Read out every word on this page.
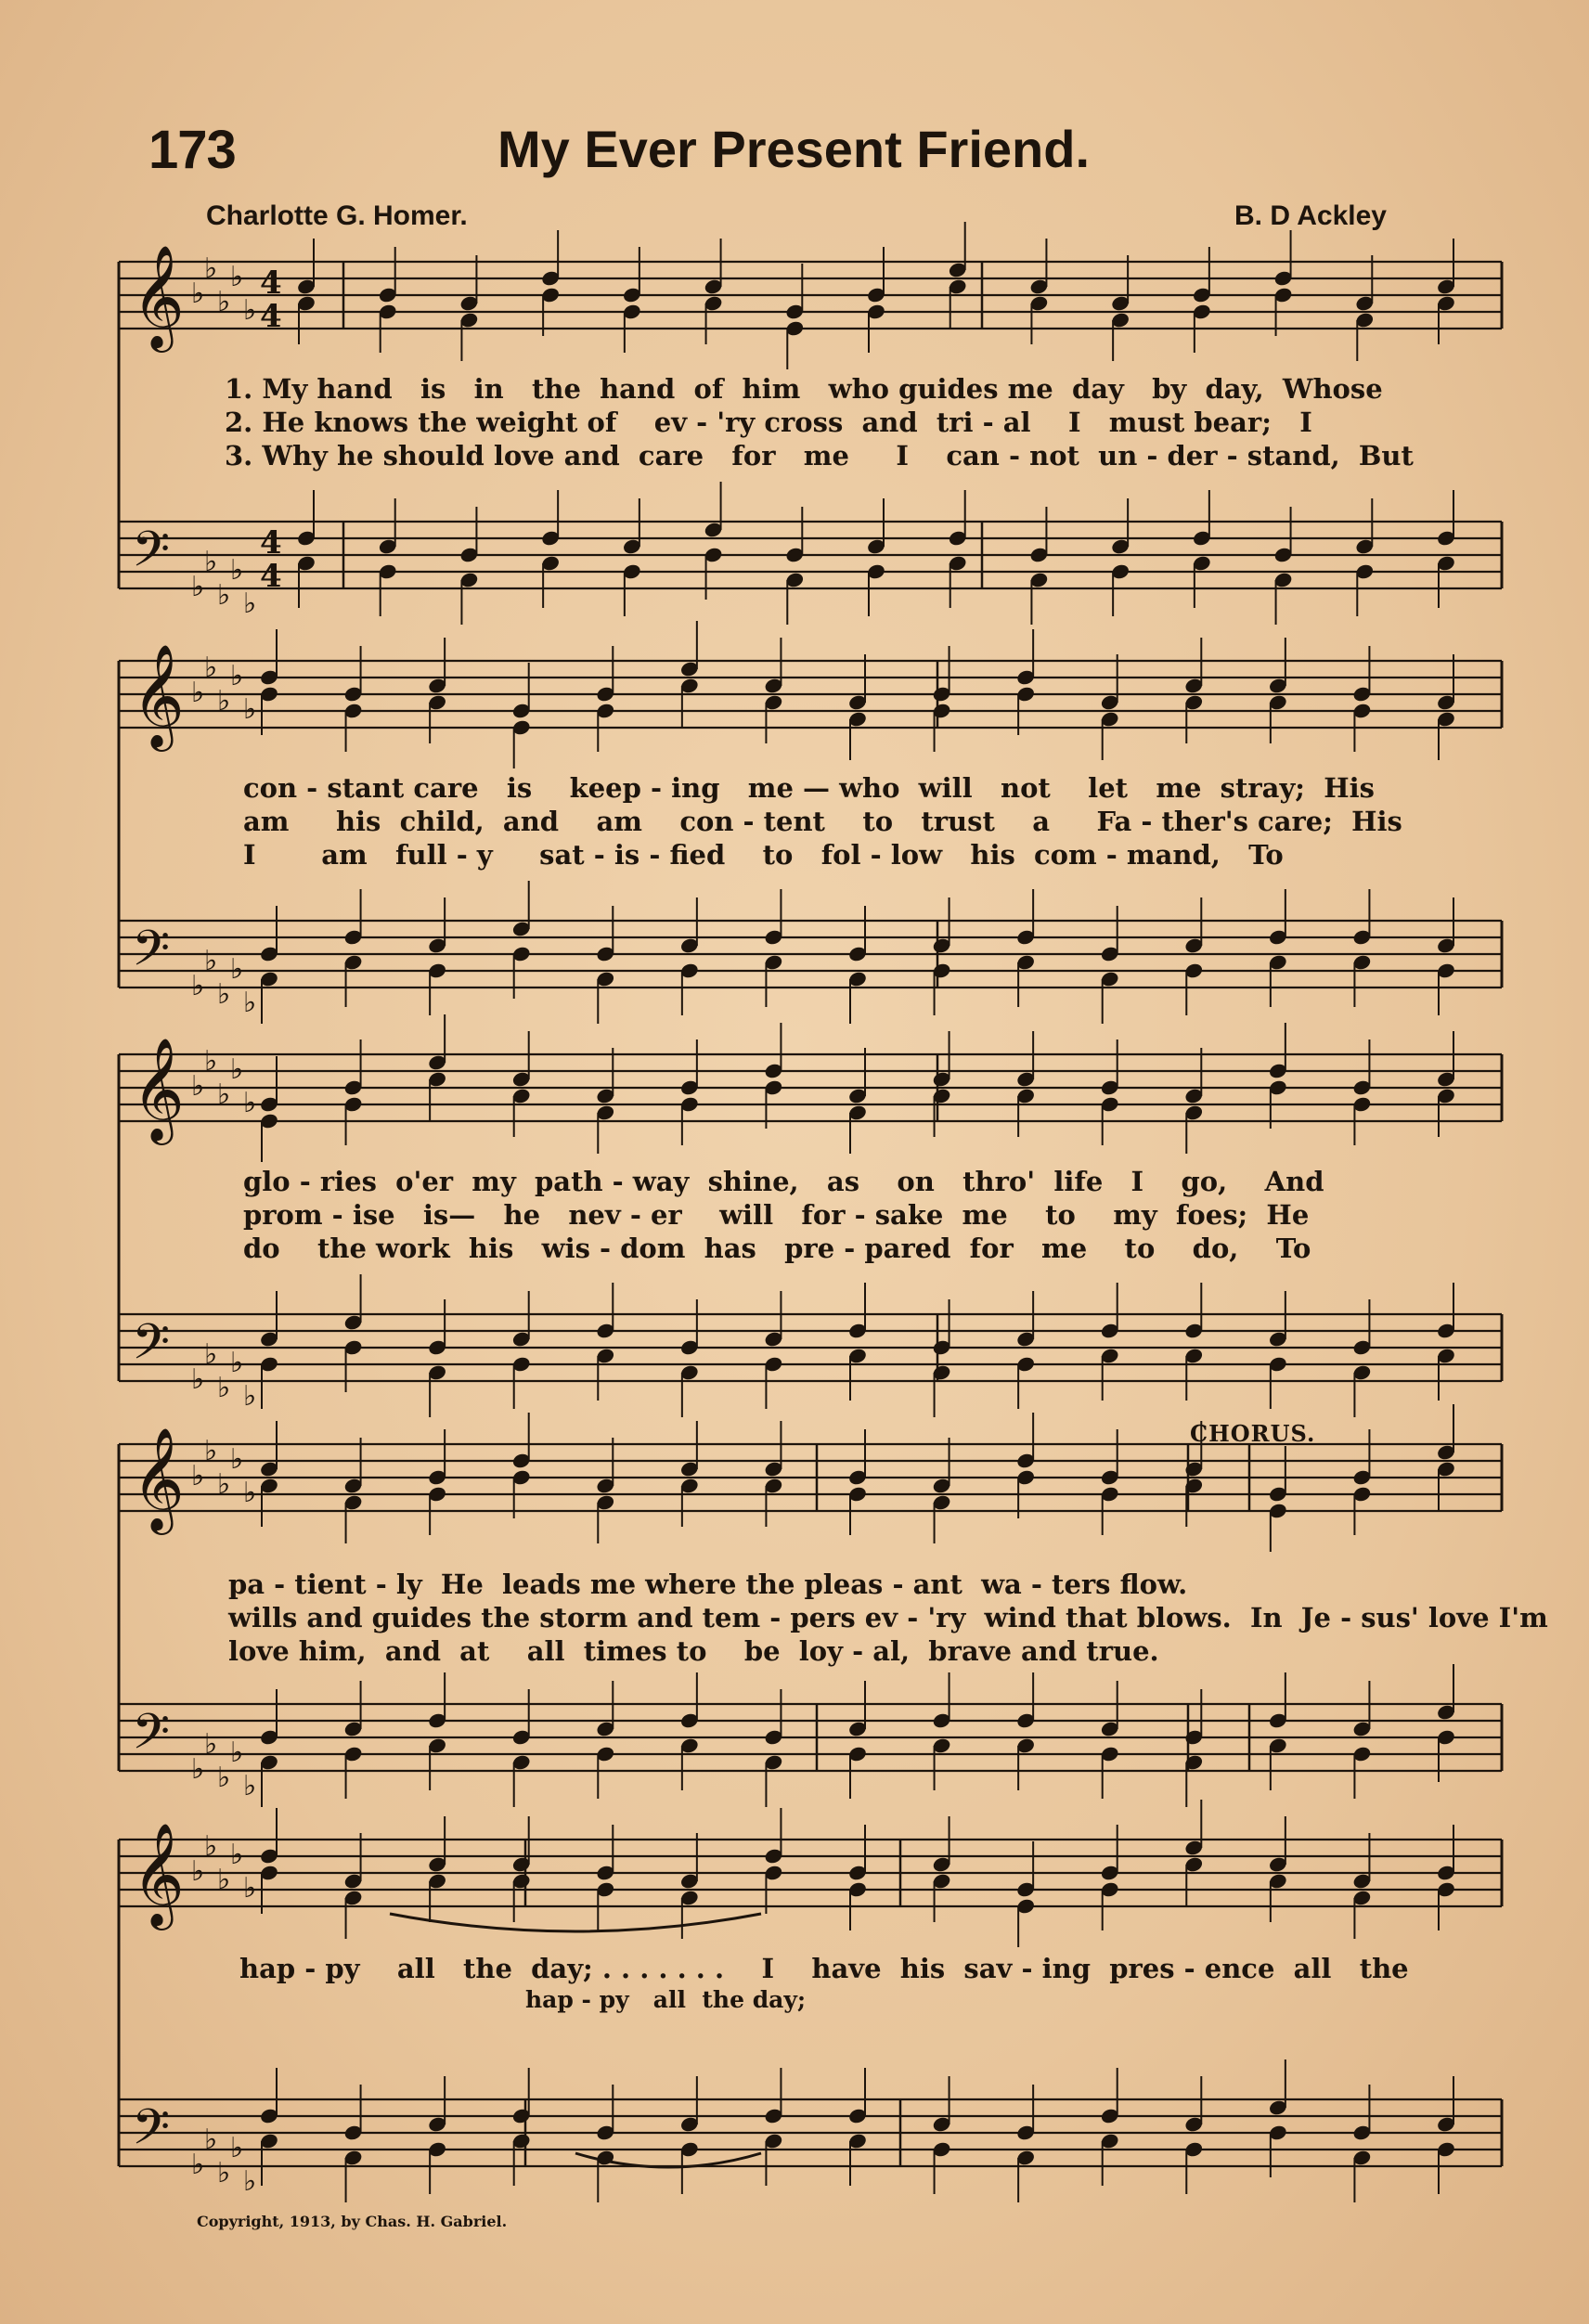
𝄞 ♭
♭
♭
♭
♭
4
4
𝄢 ♭
♭
♭
♭
♭
4
4
𝄞 ♭
♭
♭
♭
♭
𝄢 ♭
♭
♭
♭
♭
𝄞 ♭
♭
♭
♭
♭
𝄢 ♭
♭
♭
♭
♭
𝄞 ♭
♭
♭
♭
♭
𝄢 ♭
♭
♭
♭
♭
𝄞 ♭
♭
♭
♭
♭
𝄢 ♭
♭
♭
♭
♭
173	My Ever Present Friend.
Charlotte G. Homer.	B. D Ackley
CHORUS.
1. My hand   is   in   the  hand  of  him   who guides me  day   by  day,  Whose
2. He knows the weight of    ev - 'ry cross  and  tri - al    I   must bear;   I
3. Why he should love and  care   for   me     I    can - not  un - der - stand,  But
con - stant care   is    keep - ing   me — who  will   not    let   me  stray;  His
am     his  child,  and    am    con - tent    to   trust    a     Fa - ther's care;  His
I       am   full - y     sat - is - fied    to   fol - low   his  com - mand,   To
glo - ries  o'er  my  path - way  shine,   as    on   thro'  life   I    go,    And
prom - ise   is—   he   nev - er    will   for - sake  me    to    my  foes;  He
do    the work  his   wis - dom  has   pre - pared  for   me    to    do,    To
pa - tient - ly  He  leads me where the pleas - ant  wa - ters flow.
wills and guides the storm and tem - pers ev - 'ry  wind that blows.  In  Je - sus' love I'm
love him,  and  at    all  times to    be  loy - al,  brave and true.
hap - py    all   the  day; . . . . . . .    I    have  his  sav - ing  pres - ence  all   the
hap - py   all  the day;
Copyright, 1913, by Chas. H. Gabriel.
